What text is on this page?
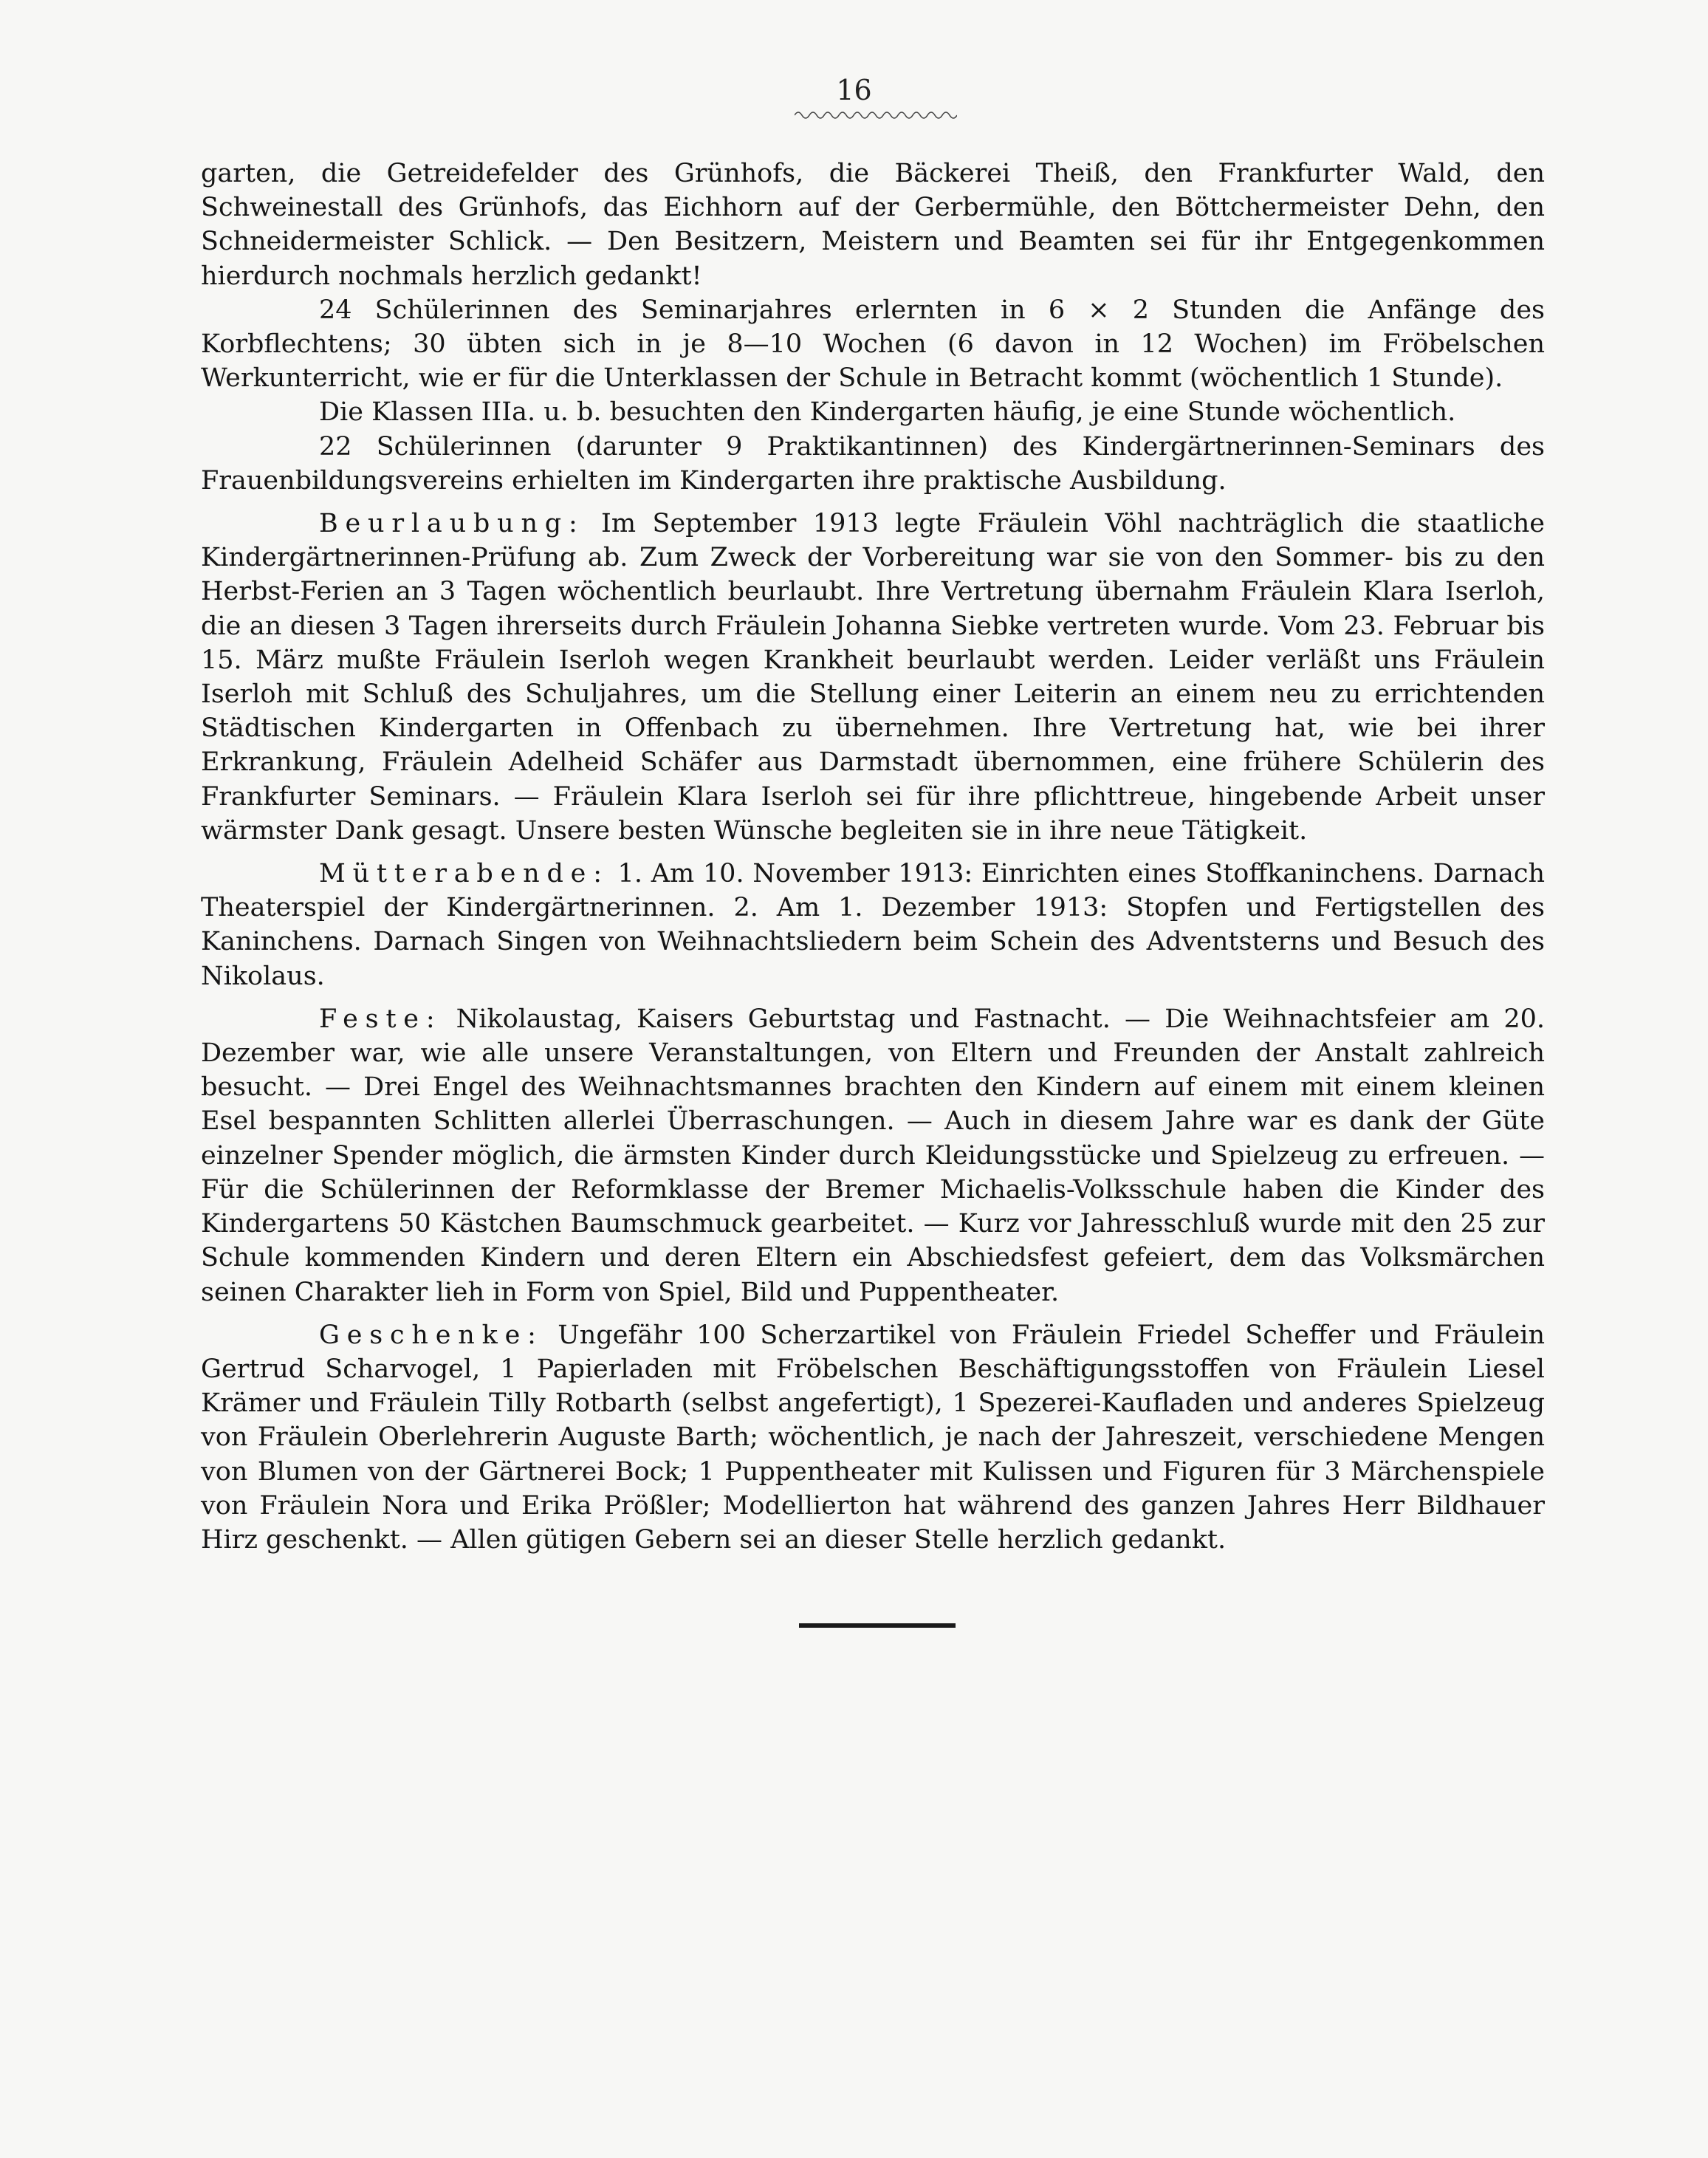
16

garten, die Getreidefelder des Grünhofs, die Bäckerei Theiß, den Frankfurter Wald, den Schweinestall des Grünhofs, das Eichhorn auf der Gerbermühle, den Böttchermeister Dehn, den Schneidermeister Schlick. — Den Besitzern, Meistern und Beamten sei für ihr Entgegenkommen hierdurch nochmals herzlich gedankt!

24 Schülerinnen des Seminarjahres erlernten in 6 × 2 Stunden die Anfänge des Korbflechtens; 30 übten sich in je 8—10 Wochen (6 davon in 12 Wochen) im Fröbelschen Werkunterricht, wie er für die Unterklassen der Schule in Betracht kommt (wöchentlich 1 Stunde).

Die Klassen IIIa. u. b. besuchten den Kindergarten häufig, je eine Stunde wöchentlich.

22 Schülerinnen (darunter 9 Praktikantinnen) des Kindergärtnerinnen-Seminars des Frauenbildungsvereins erhielten im Kindergarten ihre praktische Ausbildung.

Beurlaubung: Im September 1913 legte Fräulein Vöhl nachträglich die staatliche Kindergärtnerinnen-Prüfung ab. Zum Zweck der Vorbereitung war sie von den Sommer- bis zu den Herbst-Ferien an 3 Tagen wöchentlich beurlaubt. Ihre Vertretung übernahm Fräulein Klara Iserloh, die an diesen 3 Tagen ihrerseits durch Fräulein Johanna Siebke vertreten wurde. Vom 23. Februar bis 15. März mußte Fräulein Iserloh wegen Krankheit beurlaubt werden. Leider verläßt uns Fräulein Iserloh mit Schluß des Schuljahres, um die Stellung einer Leiterin an einem neu zu errichtenden Städtischen Kindergarten in Offenbach zu übernehmen. Ihre Vertretung hat, wie bei ihrer Erkrankung, Fräulein Adelheid Schäfer aus Darmstadt übernommen, eine frühere Schülerin des Frankfurter Seminars. — Fräulein Klara Iserloh sei für ihre pflichttreue, hingebende Arbeit unser wärmster Dank gesagt. Unsere besten Wünsche begleiten sie in ihre neue Tätigkeit.

Mütterabende: 1. Am 10. November 1913: Einrichten eines Stoffkaninchens. Darnach Theaterspiel der Kindergärtnerinnen. 2. Am 1. Dezember 1913: Stopfen und Fertigstellen des Kaninchens. Darnach Singen von Weihnachtsliedern beim Schein des Adventsterns und Besuch des Nikolaus.

Feste: Nikolaustag, Kaisers Geburtstag und Fastnacht. — Die Weihnachtsfeier am 20. Dezember war, wie alle unsere Veranstaltungen, von Eltern und Freunden der Anstalt zahlreich besucht. — Drei Engel des Weihnachtsmannes brachten den Kindern auf einem mit einem kleinen Esel bespannten Schlitten allerlei Überraschungen. — Auch in diesem Jahre war es dank der Güte einzelner Spender möglich, die ärmsten Kinder durch Kleidungsstücke und Spielzeug zu erfreuen. — Für die Schülerinnen der Reformklasse der Bremer Michaelis-Volksschule haben die Kinder des Kindergartens 50 Kästchen Baumschmuck gearbeitet. — Kurz vor Jahresschluß wurde mit den 25 zur Schule kommenden Kindern und deren Eltern ein Abschiedsfest gefeiert, dem das Volksmärchen seinen Charakter lieh in Form von Spiel, Bild und Puppentheater.

Geschenke: Ungefähr 100 Scherzartikel von Fräulein Friedel Scheffer und Fräulein Gertrud Scharvogel, 1 Papierladen mit Fröbelschen Beschäftigungsstoffen von Fräulein Liesel Krämer und Fräulein Tilly Rotbarth (selbst angefertigt), 1 Spezerei-Kaufladen und anderes Spielzeug von Fräulein Oberlehrerin Auguste Barth; wöchentlich, je nach der Jahreszeit, verschiedene Mengen von Blumen von der Gärtnerei Bock; 1 Puppentheater mit Kulissen und Figuren für 3 Märchenspiele von Fräulein Nora und Erika Prößler; Modellierton hat während des ganzen Jahres Herr Bildhauer Hirz geschenkt. — Allen gütigen Gebern sei an dieser Stelle herzlich gedankt.
